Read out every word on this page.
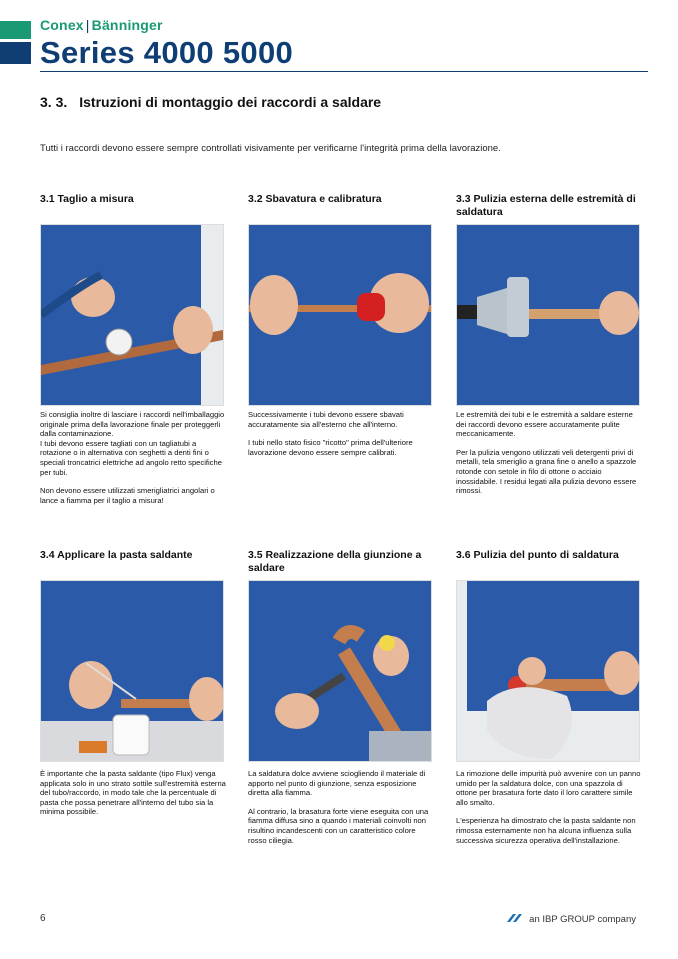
Conex | Bänninger
Series 4000 5000
3. 3. Istruzioni di montaggio dei raccordi a saldare
Tutti i raccordi devono essere sempre controllati visivamente per verificarne l'integrità prima della lavorazione.
3.1 Taglio a misura

Si consiglia inoltre di lasciare i raccordi nell'imballaggio originale prima della lavorazione finale per proteggerli dalla contaminazione.
I tubi devono essere tagliati con un tagliatubi a rotazione o in alternativa con seghetti a denti fini o speciali troncatrici elettriche ad angolo retto specifiche per tubi.

Non devono essere utilizzati smerigliatrici angolari o lance a fiamma per il taglio a misura!

3.2 Sbavatura e calibratura

Successivamente i tubi devono essere sbavati accuratamente sia all'esterno che all'interno.

I tubi nello stato fisico "ricotto" prima dell'ulteriore lavorazione devono essere sempre calibrati.

3.3 Pulizia esterna delle estremità di saldatura

Le estremità dei tubi e le estremità a saldare esterne dei raccordi devono essere accuratamente pulite meccanicamente.

Per la pulizia vengono utilizzati veli detergenti privi di metalli, tela smeriglio a grana fine o anello a spazzole rotonde con setole in filo di ottone o acciaio inossidabile. I residui legati alla pulizia devono essere rimossi.

3.4 Applicare la pasta saldante

È importante che la pasta saldante (tipo Flux) venga applicata solo in uno strato sottile sull'estremità esterna del tubo/raccordo, in modo tale che la percentuale di pasta che possa penetrare all'interno del tubo sia la minima possibile.

3.5 Realizzazione della giunzione a saldare

La saldatura dolce avviene sciogliendo il materiale di apporto nel punto di giunzione, senza esposizione diretta alla fiamma.

Al contrario, la brasatura forte viene eseguita con una fiamma diffusa sino a quando i materiali coinvolti non risultino incandescenti con un caratteristico colore rosso ciliegia.

3.6 Pulizia del punto di saldatura

La rimozione delle impurità può avvenire con un panno umido per la saldatura dolce, con una spazzola di ottone per brasatura forte dato il loro carattere simile allo smalto.

L'esperienza ha dimostrato che la pasta saldante non rimossa esternamente non ha alcuna influenza sulla successiva sicurezza operativa dell'installazione.

6	an IBP GROUP company
